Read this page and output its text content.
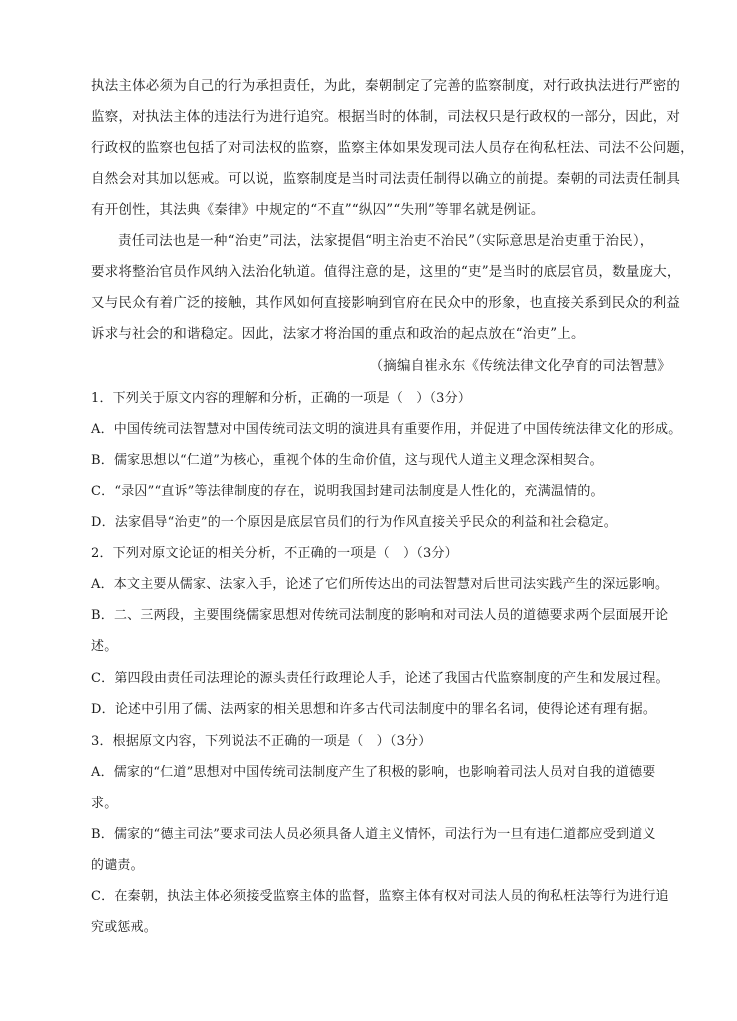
执法主体必须为自己的行为承担责任，为此，秦朝制定了完善的监察制度，对行政执法进行严密的
监察，对执法主体的违法行为进行追究。根据当时的体制，司法权只是行政权的一部分，因此，对
行政权的监察也包括了对司法权的监察，监察主体如果发现司法人员存在徇私枉法、司法不公问题，
自然会对其加以惩戒。可以说，监察制度是当时司法责任制得以确立的前提。秦朝的司法责任制具
有开创性，其法典《秦律》中规定的“不直”“纵囚”“失刑”等罪名就是例证。
责任司法也是一种“治吏”司法，法家提倡“明主治吏不治民”（实际意思是治吏重于治民），
要求将整治官员作风纳入法治化轨道。值得注意的是，这里的“吏”是当时的底层官员，数量庞大，
又与民众有着广泛的接触，其作风如何直接影响到官府在民众中的形象，也直接关系到民众的利益
诉求与社会的和谐稳定。因此，法家才将治国的重点和政治的起点放在“治吏”上。
（摘编自崔永东《传统法律文化孕育的司法智慧》
1．下列关于原文内容的理解和分析，正确的一项是（　）（3分）
A．中国传统司法智慧对中国传统司法文明的演进具有重要作用，并促进了中国传统法律文化的形成。
B．儒家思想以“仁道”为核心，重视个体的生命价值，这与现代人道主义理念深相契合。
C．“录囚”“直诉”等法律制度的存在，说明我国封建司法制度是人性化的，充满温情的。
D．法家倡导“治吏”的一个原因是底层官员们的行为作风直接关乎民众的利益和社会稳定。
2．下列对原文论证的相关分析，不正确的一项是（　）（3分）
A．本文主要从儒家、法家入手，论述了它们所传达出的司法智慧对后世司法实践产生的深远影响。
B．二、三两段，主要围绕儒家思想对传统司法制度的影响和对司法人员的道德要求两个层面展开论
述。
C．第四段由责任司法理论的源头责任行政理论人手，论述了我国古代监察制度的产生和发展过程。
D．论述中引用了儒、法两家的相关思想和许多古代司法制度中的罪名名词，使得论述有理有据。
3．根据原文内容，下列说法不正确的一项是（　）（3分）
A．儒家的“仁道”思想对中国传统司法制度产生了积极的影响，也影响着司法人员对自我的道德要
求。
B．儒家的“德主司法”要求司法人员必须具备人道主义情怀，司法行为一旦有违仁道都应受到道义
的谴责。
C．在秦朝，执法主体必须接受监察主体的监督，监察主体有权对司法人员的徇私枉法等行为进行追
究或惩戒。
